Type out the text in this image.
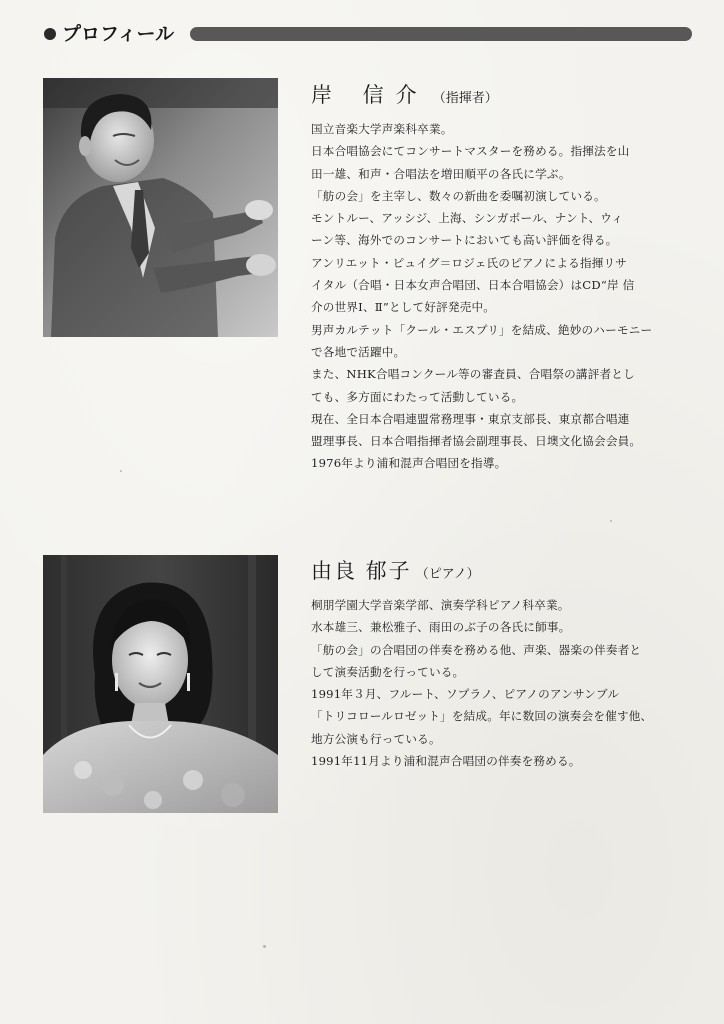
プロフィール
岸 信介 （指揮者）
国立音楽大学声楽科卒業。
日本合唱協会にてコンサートマスターを務める。指揮法を山
田一雄、和声・合唱法を増田順平の各氏に学ぶ。
「舫の会」を主宰し、数々の新曲を委嘱初演している。
モントルー、アッシジ、上海、シンガポール、ナント、ウィ
ーン等、海外でのコンサートにおいても高い評価を得る。
アンリエット・ピュイグ＝ロジェ氏のピアノによる指揮リサ
イタル（合唱・日本女声合唱団、日本合唱協会）はCD“岸 信
介の世界Ⅰ、Ⅱ”として好評発売中。
男声カルテット「クール・エスプリ」を結成、絶妙のハーモニー
で各地で活躍中。
また、NHK合唱コンクール等の審査員、合唱祭の講評者とし
ても、多方面にわたって活動している。
現在、全日本合唱連盟常務理事・東京支部長、東京都合唱連
盟理事長、日本合唱指揮者協会副理事長、日墺文化協会会員。
1976年より浦和混声合唱団を指導。
由良 郁子 （ピアノ）
桐朋学園大学音楽学部、演奏学科ピアノ科卒業。
水本雄三、兼松雅子、雨田のぶ子の各氏に師事。
「舫の会」の合唱団の伴奏を務める他、声楽、器楽の伴奏者と
して演奏活動を行っている。
1991年３月、フルート、ソプラノ、ピアノのアンサンブル
「トリコロールロゼット」を結成。年に数回の演奏会を催す他、
地方公演も行っている。
1991年11月より浦和混声合唱団の伴奏を務める。
